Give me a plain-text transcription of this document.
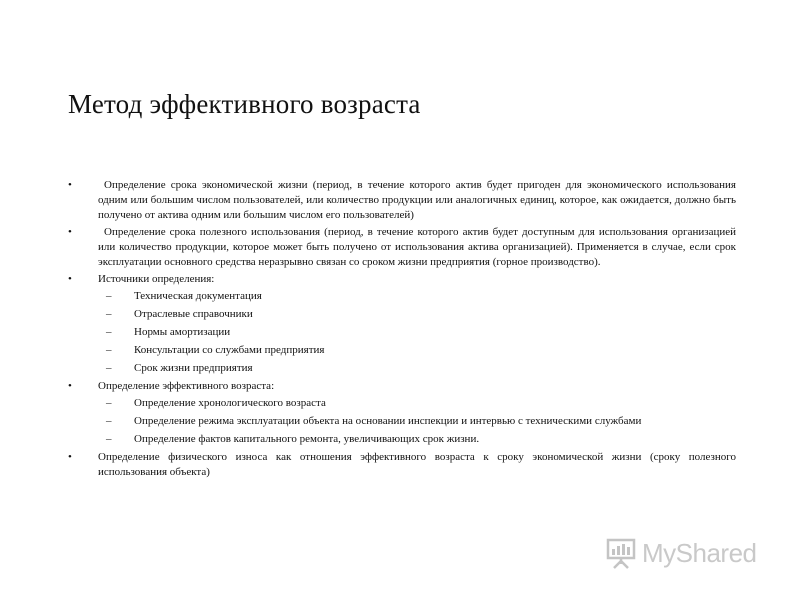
Метод эффективного возраста
•	Определение срока экономической жизни (период, в течение которого актив будет пригоден для экономического использования одним или большим числом пользователей, или количество продукции или аналогичных единиц, которое, как ожидается, должно быть получено от актива одним или большим числом его пользователей)
•	Определение срока полезного использования (период, в течение которого актив будет доступным для использования организацией или количество продукции, которое может быть получено от использования актива организацией). Применяется в случае, если срок эксплуатации основного средства неразрывно связан со сроком жизни предприятия (горное производство).
•	Источники определения:
– Техническая документация
– Отраслевые справочники
– Нормы амортизации
– Консультации со службами предприятия
– Срок жизни предприятия
•	Определение эффективного возраста:
– Определение хронологического возраста
– Определение режима эксплуатации объекта на основании инспекции и интервью с техническими службами
– Определение фактов капитального ремонта, увеличивающих срок жизни.
•	Определение физического износа как отношения эффективного возраста к сроку экономической жизни (сроку полезного использования объекта)
MyShared
